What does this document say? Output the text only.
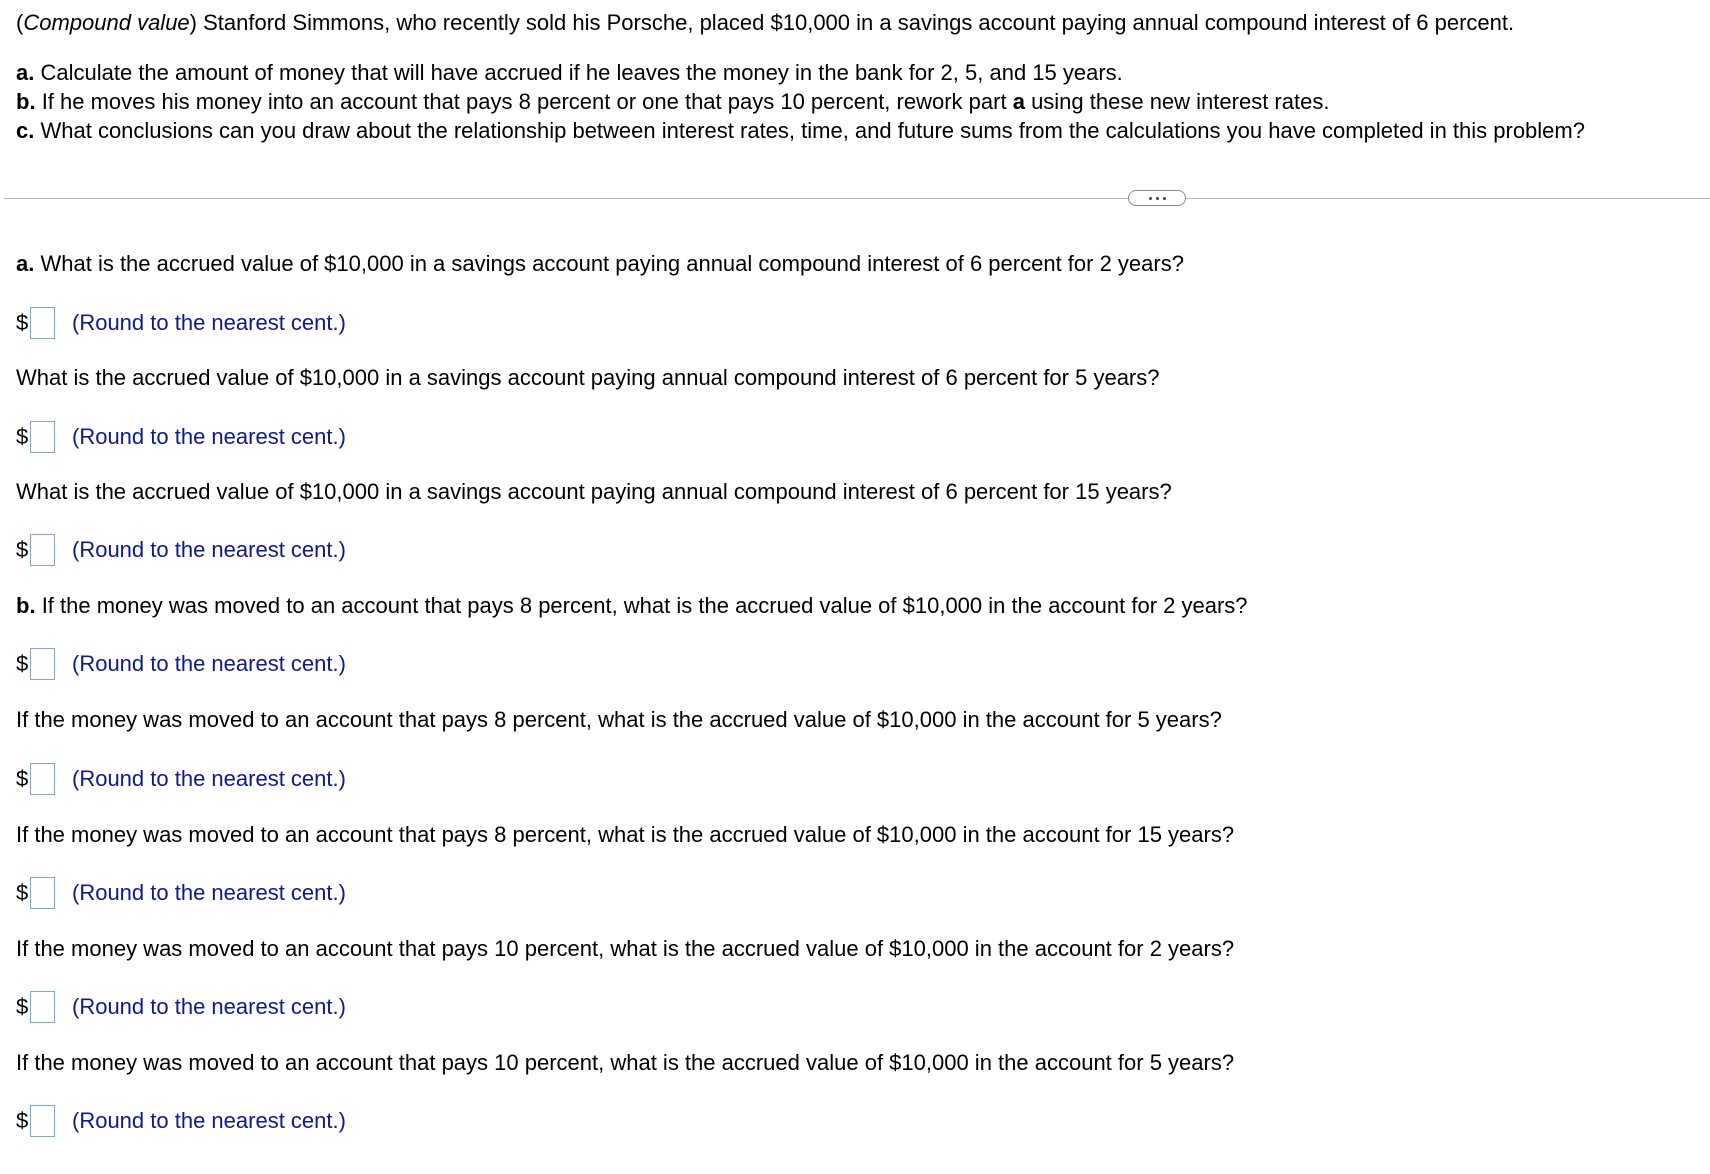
(Compound value) Stanford Simmons, who recently sold his Porsche, placed $10,000 in a savings account paying annual compound interest of 6 percent.

a. Calculate the amount of money that will have accrued if he leaves the money in the bank for 2, 5, and 15 years.

b. If he moves his money into an account that pays 8 percent or one that pays 10 percent, rework part a using these new interest rates.

c. What conclusions can you draw about the relationship between interest rates, time, and future sums from the calculations you have completed in this problem?

a. What is the accrued value of $10,000 in a savings account paying annual compound interest of 6 percent for 2 years?
$ (Round to the nearest cent.)
What is the accrued value of $10,000 in a savings account paying annual compound interest of 6 percent for 5 years?
$ (Round to the nearest cent.)
What is the accrued value of $10,000 in a savings account paying annual compound interest of 6 percent for 15 years?
$ (Round to the nearest cent.)
b. If the money was moved to an account that pays 8 percent, what is the accrued value of $10,000 in the account for 2 years?
$ (Round to the nearest cent.)
If the money was moved to an account that pays 8 percent, what is the accrued value of $10,000 in the account for 5 years?
$ (Round to the nearest cent.)
If the money was moved to an account that pays 8 percent, what is the accrued value of $10,000 in the account for 15 years?
$ (Round to the nearest cent.)
If the money was moved to an account that pays 10 percent, what is the accrued value of $10,000 in the account for 2 years?
$ (Round to the nearest cent.)
If the money was moved to an account that pays 10 percent, what is the accrued value of $10,000 in the account for 5 years?
$ (Round to the nearest cent.)
